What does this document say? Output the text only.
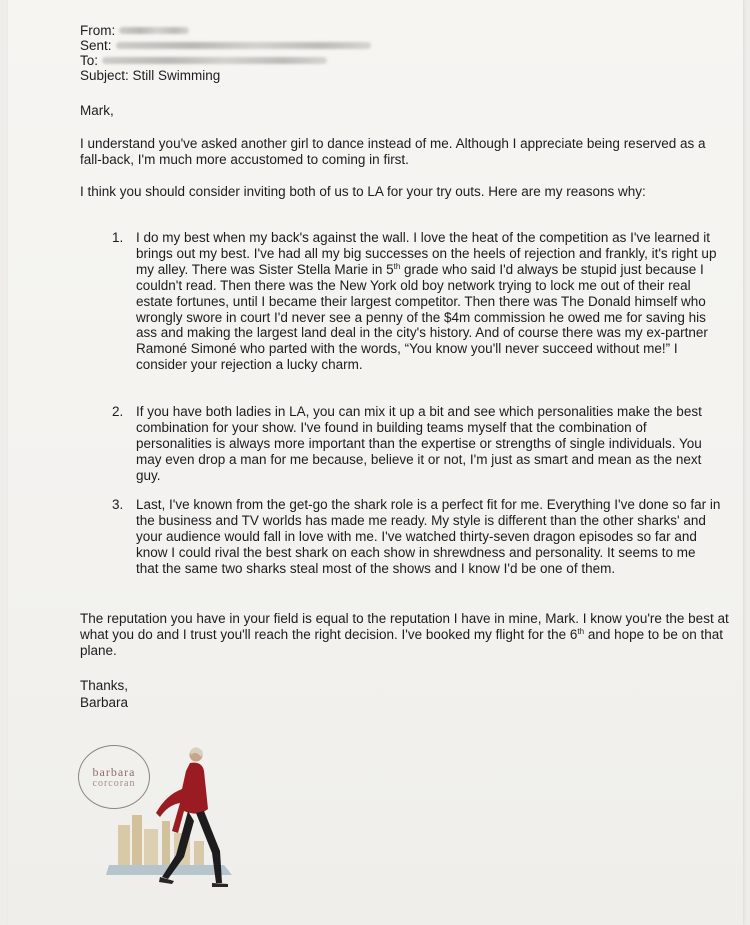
From:
Sent:
To:
Subject:
Still Swimming
Mark,
I understand you've asked another girl to dance instead of me. Although I appreciate being reserved as a fall-back, I'm much more accustomed to coming in first.
I think you should consider inviting both of us to LA for your try outs. Here are my reasons why:
1. I do my best when my back's against the wall. I love the heat of the competition as I've learned it brings out my best. I've had all my big successes on the heels of rejection and frankly, it's right up my alley. There was Sister Stella Marie in 5th grade who said I'd always be stupid just because I couldn't read. Then there was the New York old boy network trying to lock me out of their real estate fortunes, until I became their largest competitor. Then there was The Donald himself who wrongly swore in court I'd never see a penny of the $4m commission he owed me for saving his ass and making the largest land deal in the city's history. And of course there was my ex-partner Ramoné Simoné who parted with the words, “You know you'll never succeed without me!” I consider your rejection a lucky charm.
2. If you have both ladies in LA, you can mix it up a bit and see which personalities make the best combination for your show. I've found in building teams myself that the combination of personalities is always more important than the expertise or strengths of single individuals. You may even drop a man for me because, believe it or not, I'm just as smart and mean as the next guy.
3. Last, I've known from the get-go the shark role is a perfect fit for me. Everything I've done so far in the business and TV worlds has made me ready. My style is different than the other sharks' and your audience would fall in love with me. I've watched thirty-seven dragon episodes so far and know I could rival the best shark on each show in shrewdness and personality. It seems to me that the same two sharks steal most of the shows and I know I'd be one of them.
The reputation you have in your field is equal to the reputation I have in mine, Mark. I know you're the best at what you do and I trust you'll reach the right decision. I've booked my flight for the 6th and hope to be on that plane.
Thanks,
Barbara
barbara
corcoran
